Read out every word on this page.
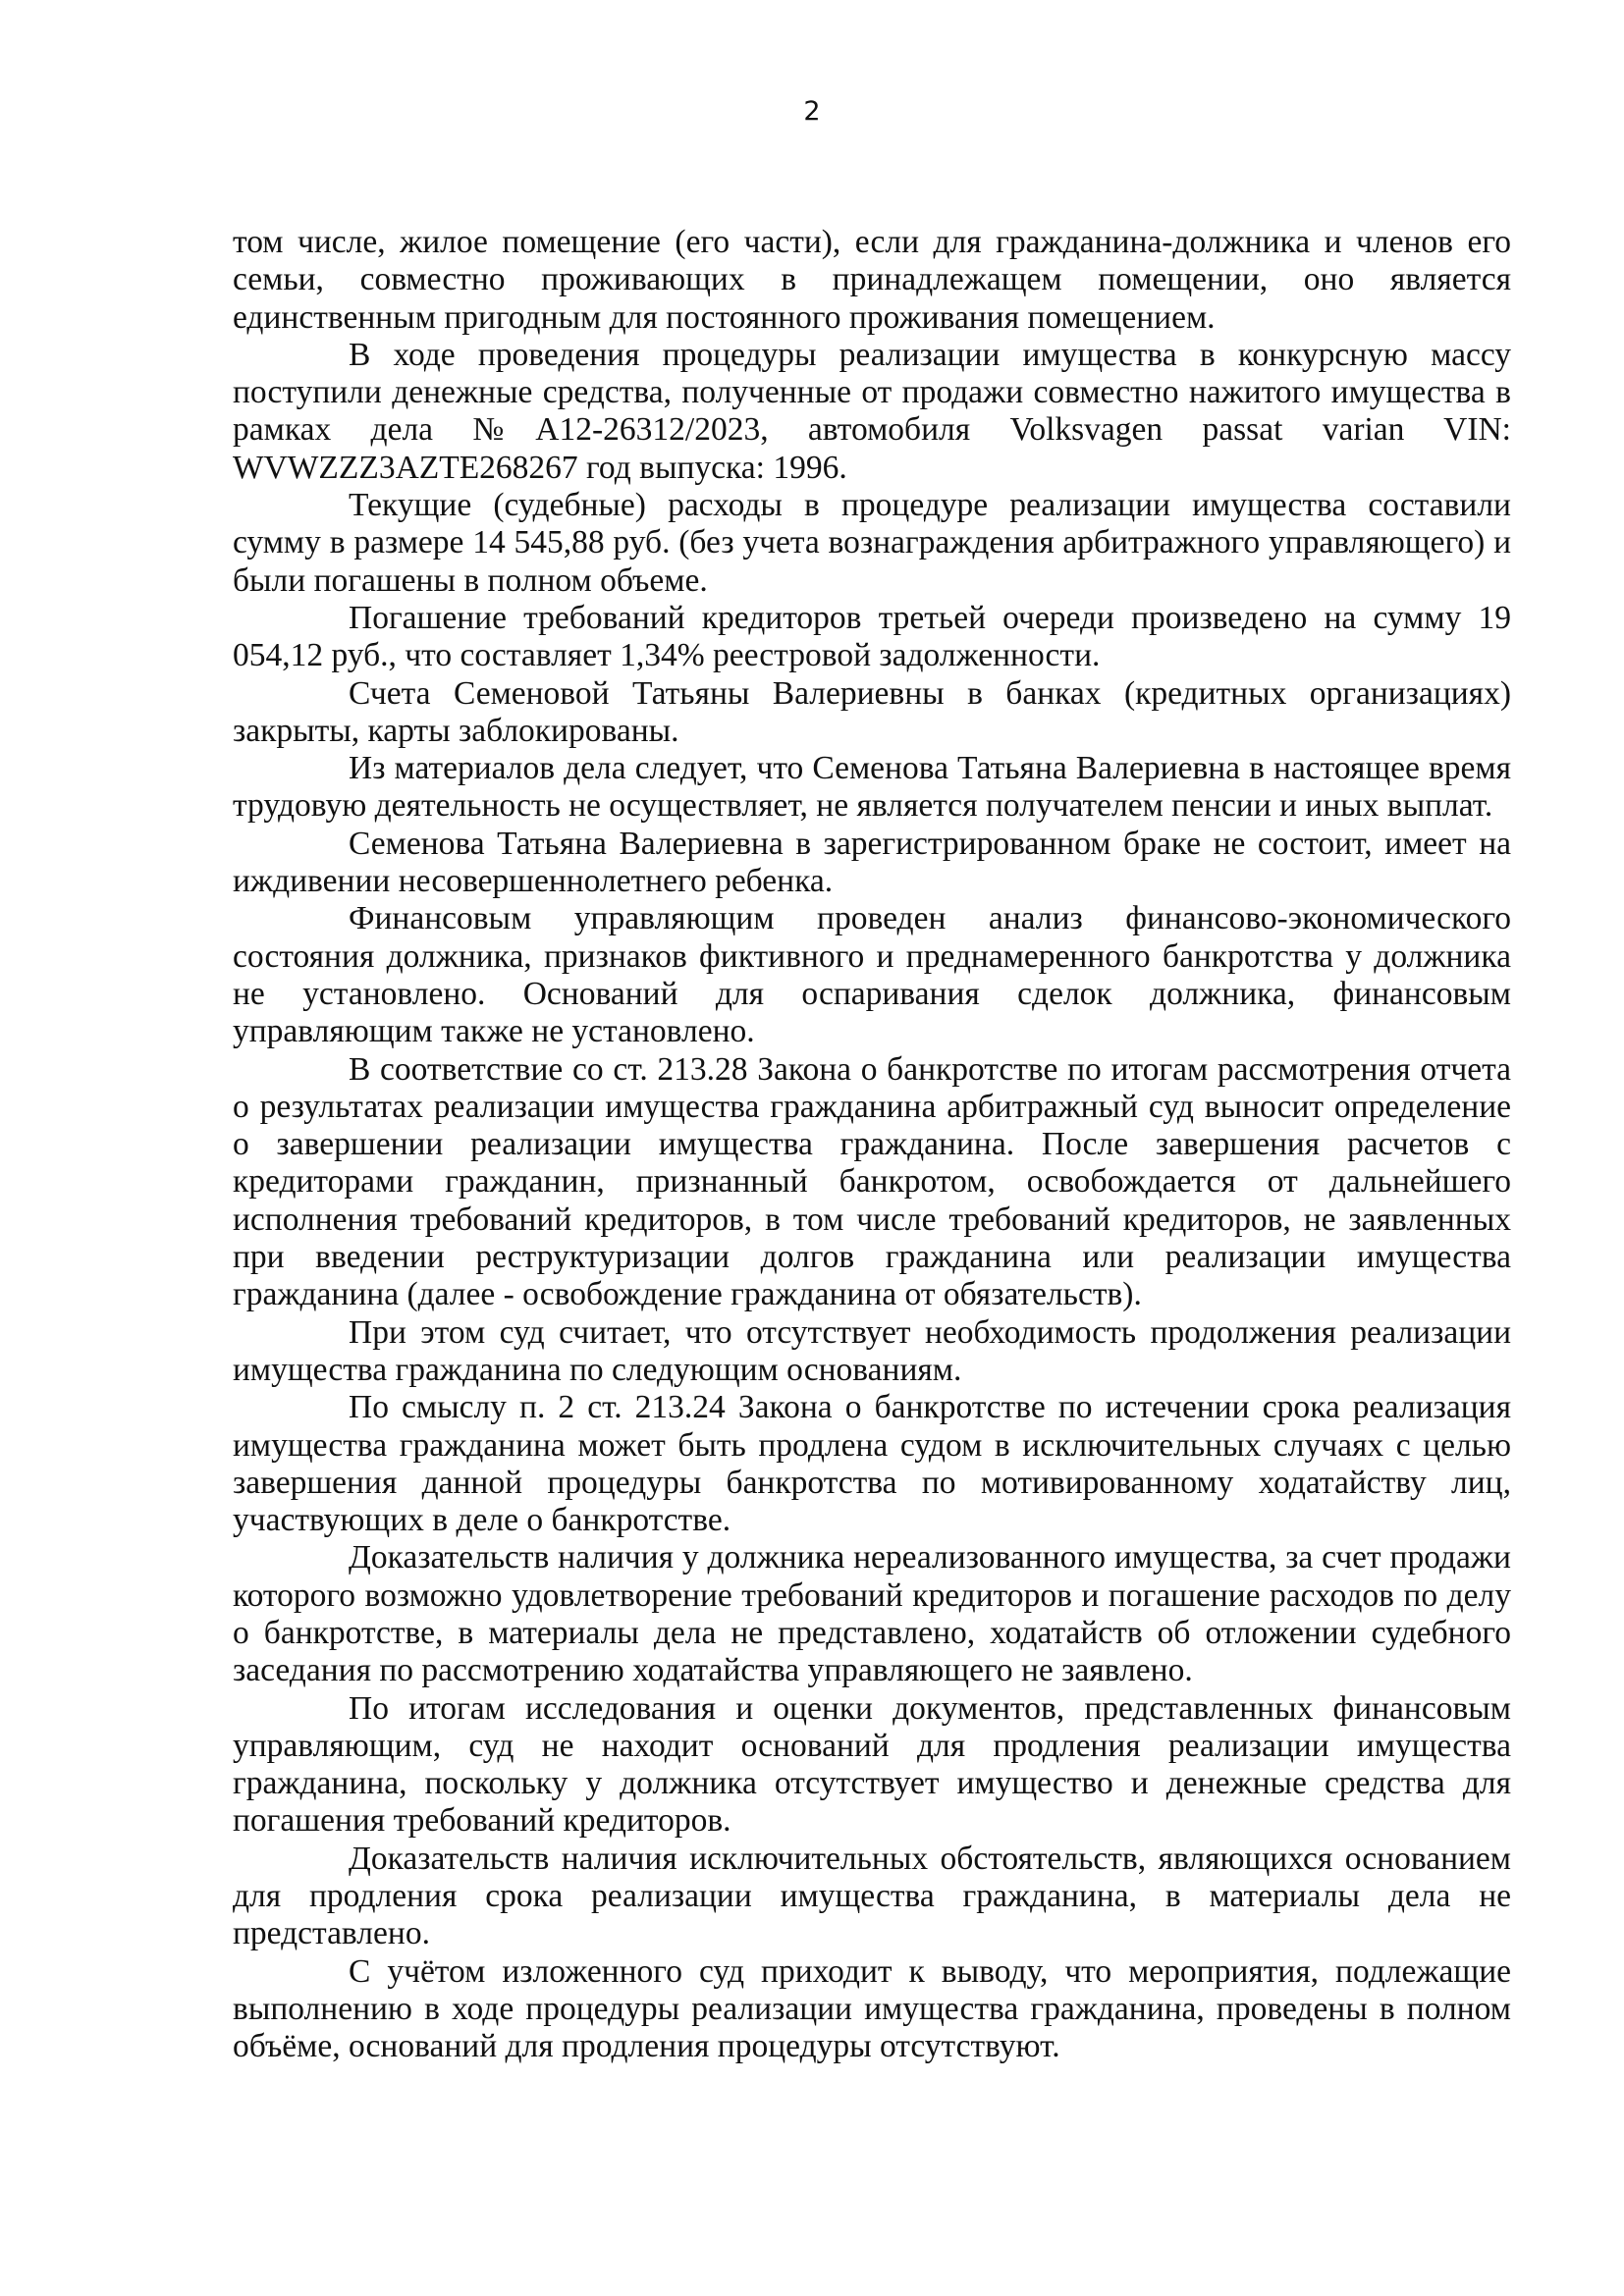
2

том числе, жилое помещение (его части), если для гражданина-должника и членов его семьи, совместно проживающих в принадлежащем помещении, оно является единственным пригодным для постоянного проживания помещением.

В ходе проведения процедуры реализации имущества в конкурсную массу поступили денежные средства, полученные от продажи совместно нажитого имущества в рамках дела №А12-26312/2023, автомобиля Volksvagen passat varian VIN: WVWZZZ3AZTE268267 год выпуска: 1996.

Текущие (судебные) расходы в процедуре реализации имущества составили сумму в размере 14 545,88 руб. (без учета вознаграждения арбитражного управляющего) и были погашены в полном объеме.

Погашение требований кредиторов третьей очереди произведено на сумму 19 054,12 руб., что составляет 1,34% реестровой задолженности.

Счета Семеновой Татьяны Валериевны в банках (кредитных организациях) закрыты, карты заблокированы.

Из материалов дела следует, что Семенова Татьяна Валериевна в настоящее время трудовую деятельность не осуществляет, не является получателем пенсии и иных выплат.

Семенова Татьяна Валериевна в зарегистрированном браке не состоит, имеет на иждивении несовершеннолетнего ребенка.

Финансовым управляющим проведен анализ финансово-экономического состояния должника, признаков фиктивного и преднамеренного банкротства у должника не установлено. Оснований для оспаривания сделок должника, финансовым управляющим также не установлено.

В соответствие со ст. 213.28 Закона о банкротстве по итогам рассмотрения отчета о результатах реализации имущества гражданина арбитражный суд выносит определение о завершении реализации имущества гражданина. После завершения расчетов с кредиторами гражданин, признанный банкротом, освобождается от дальнейшего исполнения требований кредиторов, в том числе требований кредиторов, не заявленных при введении реструктуризации долгов гражданина или реализации имущества гражданина (далее - освобождение гражданина от обязательств).

При этом суд считает, что отсутствует необходимость продолжения реализации имущества гражданина по следующим основаниям.

По смыслу п. 2 ст. 213.24 Закона о банкротстве по истечении срока реализация имущества гражданина может быть продлена судом в исключительных случаях с целью завершения данной процедуры банкротства по мотивированному ходатайству лиц, участвующих в деле о банкротстве.

Доказательств наличия у должника нереализованного имущества, за счет продажи которого возможно удовлетворение требований кредиторов и погашение расходов по делу о банкротстве, в материалы дела не представлено, ходатайств об отложении судебного заседания по рассмотрению ходатайства управляющего не заявлено.

По итогам исследования и оценки документов, представленных финансовым управляющим, суд не находит оснований для продления реализации имущества гражданина, поскольку у должника отсутствует имущество и денежные средства для погашения требований кредиторов.

Доказательств наличия исключительных обстоятельств, являющихся основанием для продления срока реализации имущества гражданина, в материалы дела не представлено.

С учётом изложенного суд приходит к выводу, что мероприятия, подлежащие выполнению в ходе процедуры реализации имущества гражданина, проведены в полном объёме, оснований для продления процедуры отсутствуют.
